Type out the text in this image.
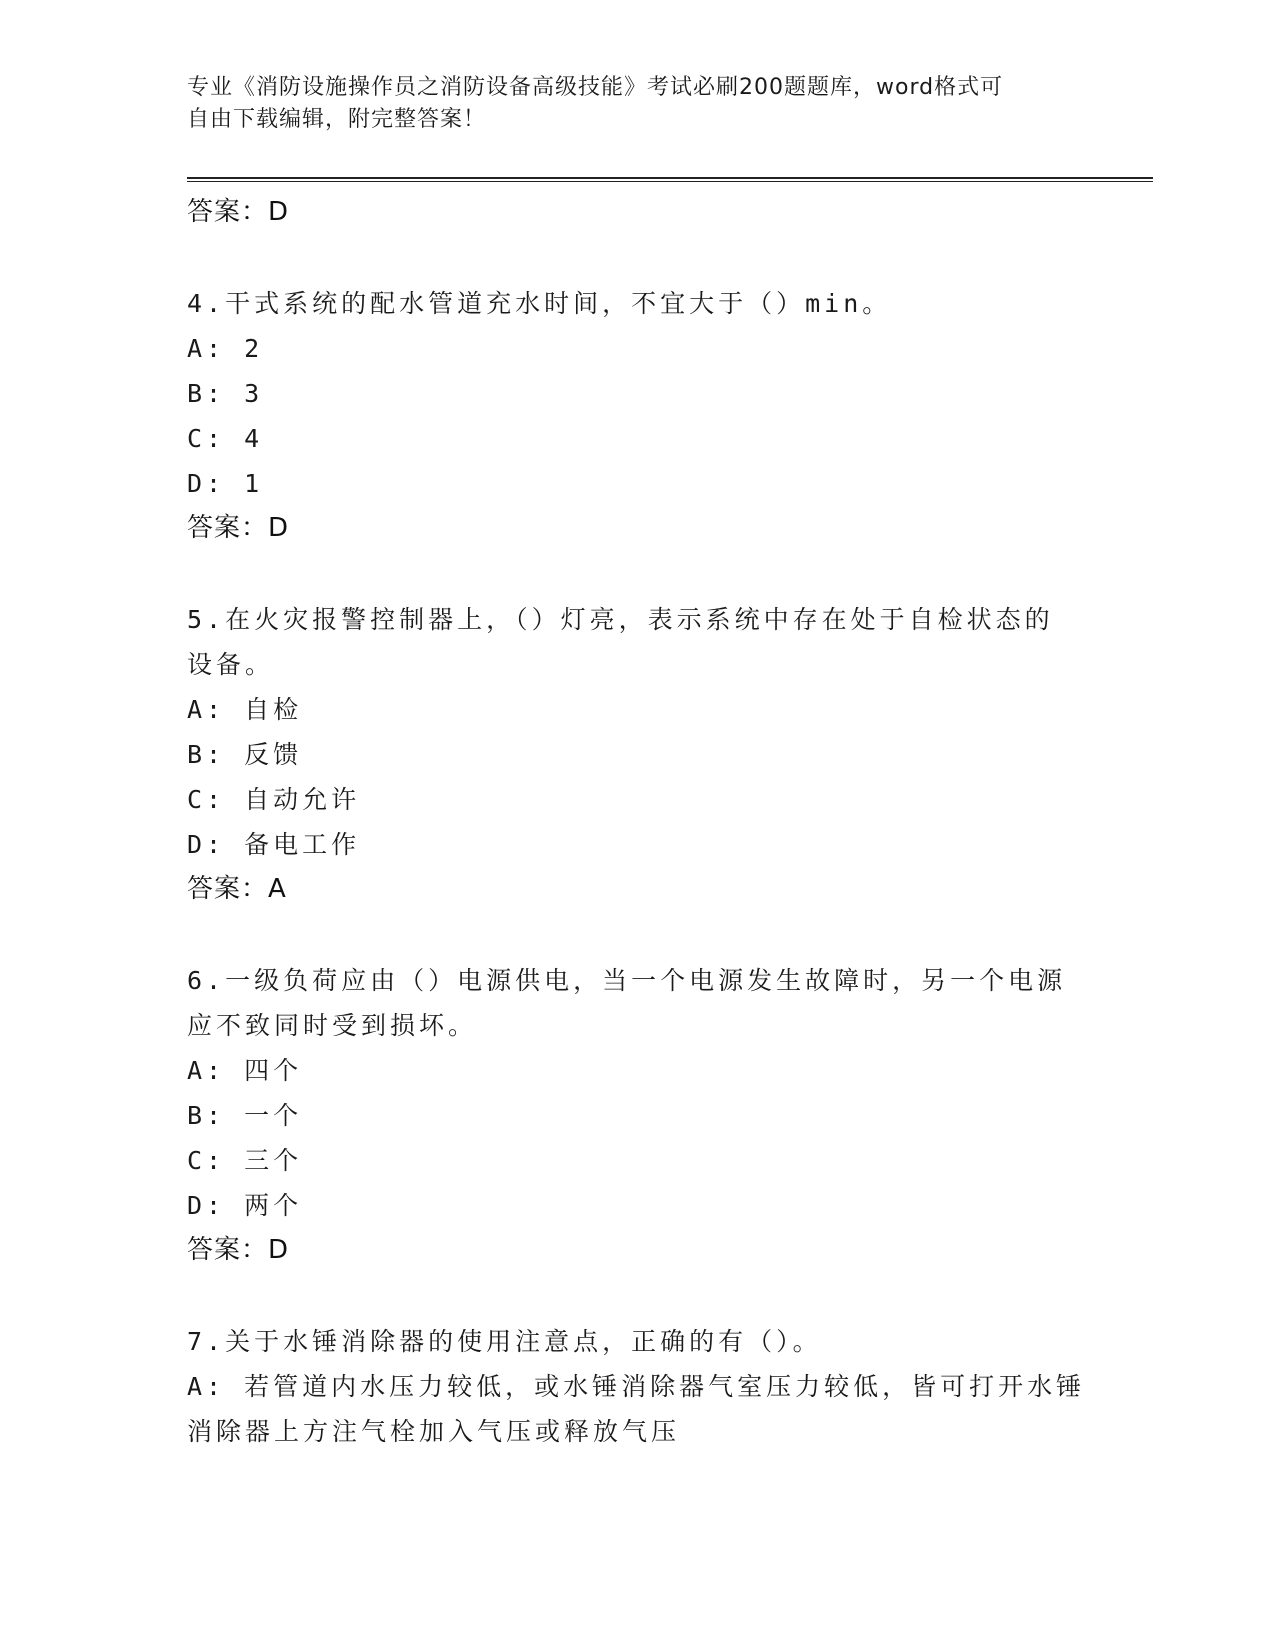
专业《消防设施操作员之消防设备高级技能》考试必刷200题题库，word格式可
自由下载编辑，附完整答案！
答案：D
4.干式系统的配水管道充水时间，不宜大于（）min。
A: 2
B: 3
C: 4
D: 1
答案：D
5.在火灾报警控制器上，（）灯亮，表示系统中存在处于自检状态的
设备。
A: 自检
B: 反馈
C: 自动允许
D: 备电工作
答案：A
6.一级负荷应由（）电源供电，当一个电源发生故障时，另一个电源
应不致同时受到损坏。
A: 四个
B: 一个
C: 三个
D: 两个
答案：D
7.关于水锤消除器的使用注意点，正确的有（）。
A: 若管道内水压力较低，或水锤消除器气室压力较低，皆可打开水锤
消除器上方注气栓加入气压或释放气压
